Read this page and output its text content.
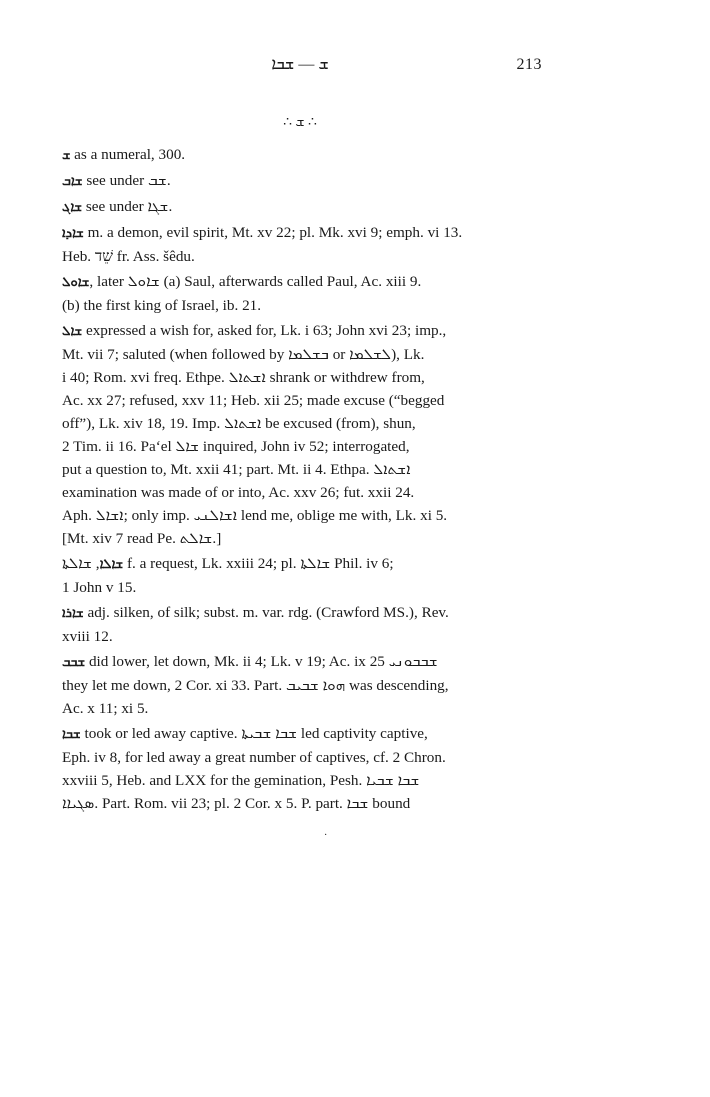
ܫ — ܫܒܐ	213
∴ ܫ ∴

ܫ as a numeral, 300.

ܫܐܒ see under ܫܒ.

ܫܐܓ see under ܫܓܐ.

ܫܐܕܐ m. a demon, evil spirit, Mt. xv 22; pl. Mk. xvi 9; emph. vi 13.
Heb. שֵׁד fr. Ass. šêdu.

ܫܐܘܠ, later ܫܐܘܠ (a) Saul, afterwards called Paul, Ac. xiii 9.
(b) the first king of Israel, ib. 21.

ܫܐܠ expressed a wish for, asked for, Lk. i 63; John xvi 23; imp.,
Mt. vii 7; saluted (when followed by ܒܫܠܡܐ or ܠܫܠܡܐ), Lk.
i 40; Rom. xvi freq. Ethpe. ܐܫܬܐܠ shrank or withdrew from,
Ac. xx 27; refused, xxv 11; Heb. xii 25; made excuse (“begged
off”), Lk. xiv 18, 19. Imp. ܐܫܬܐܠ be excused (from), shun,
2 Tim. ii 16. Pa‘el ܫܐܠ inquired, John iv 52; interrogated,
put a question to, Mt. xxii 41; part. Mt. ii 4. Ethpa. ܐܫܬܐܠ
examination was made of or into, Ac. xxv 26; fut. xxii 24.
Aph. ܐܫܐܠ; only imp. ܐܫܐܠܢܝ lend me, oblige me with, Lk. xi 5.
[Mt. xiv 7 read Pe. ܫܐܠܬ.]

ܫܐܠܐ, ܫܐܠܬܐ f. a request, Lk. xxiii 24; pl. ܫܐܠܬܐ Phil. iv 6;
1 John v 15.

ܫܐܪܐ adj. silken, of silk; subst. m. var. rdg. (Crawford MS.), Rev.
xviii 12.

ܫܒܒ did lower, let down, Mk. ii 4; Lk. v 19; Ac. ix 25 ܫܒܒܘܢܝ
they let me down, 2 Cor. xi 33. Part. ܗܘܐ ܫܒܝܒ was descending,
Ac. x 11; xi 5.

ܫܒܐ took or led away captive. ܫܒܐ ܫܒܝܬܐ led captivity captive,
Eph. iv 8, for led away a great number of captives, cf. 2 Chron.
xxviii 5, Heb. and LXX for the gemination, Pesh. ܫܒܐ ܫܒܝܐ
ܣܓܝܐܐ. Part. Rom. vii 23; pl. 2 Cor. x 5. P. part. ܫܒܐ bound

·
